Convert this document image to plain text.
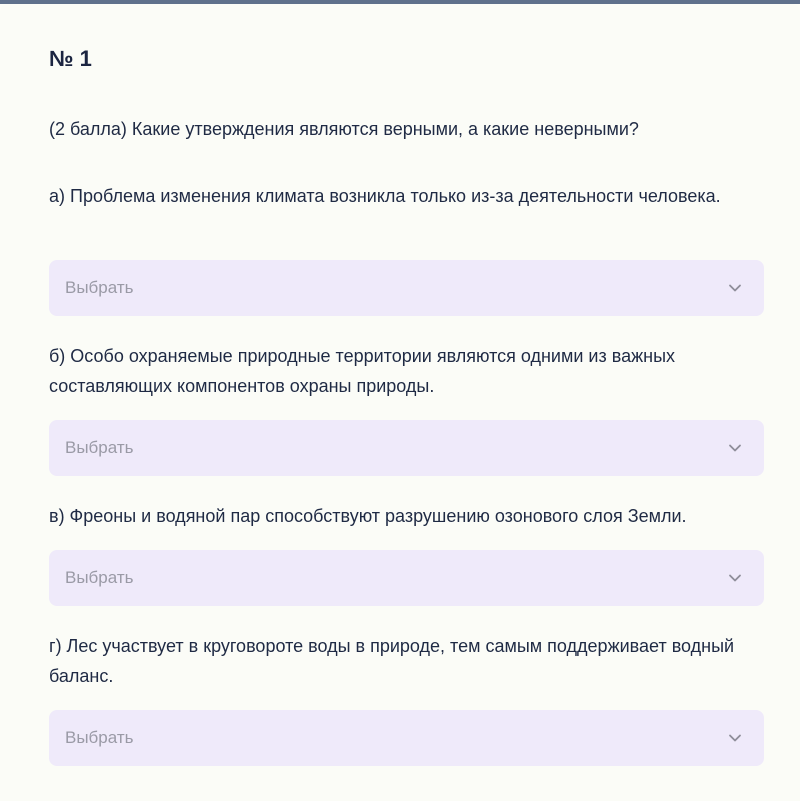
№ 1
(2 балла) Какие утверждения являются верными, а какие неверными?
а) Проблема изменения климата возникла только из-за деятельности человека.
Выбрать
б) Особо охраняемые природные территории являются одними из важных составляющих компонентов охраны природы.
Выбрать
в) Фреоны и водяной пар способствуют разрушению озонового слоя Земли.
Выбрать
г) Лес участвует в круговороте воды в природе, тем самым поддерживает водный баланс.
Выбрать
